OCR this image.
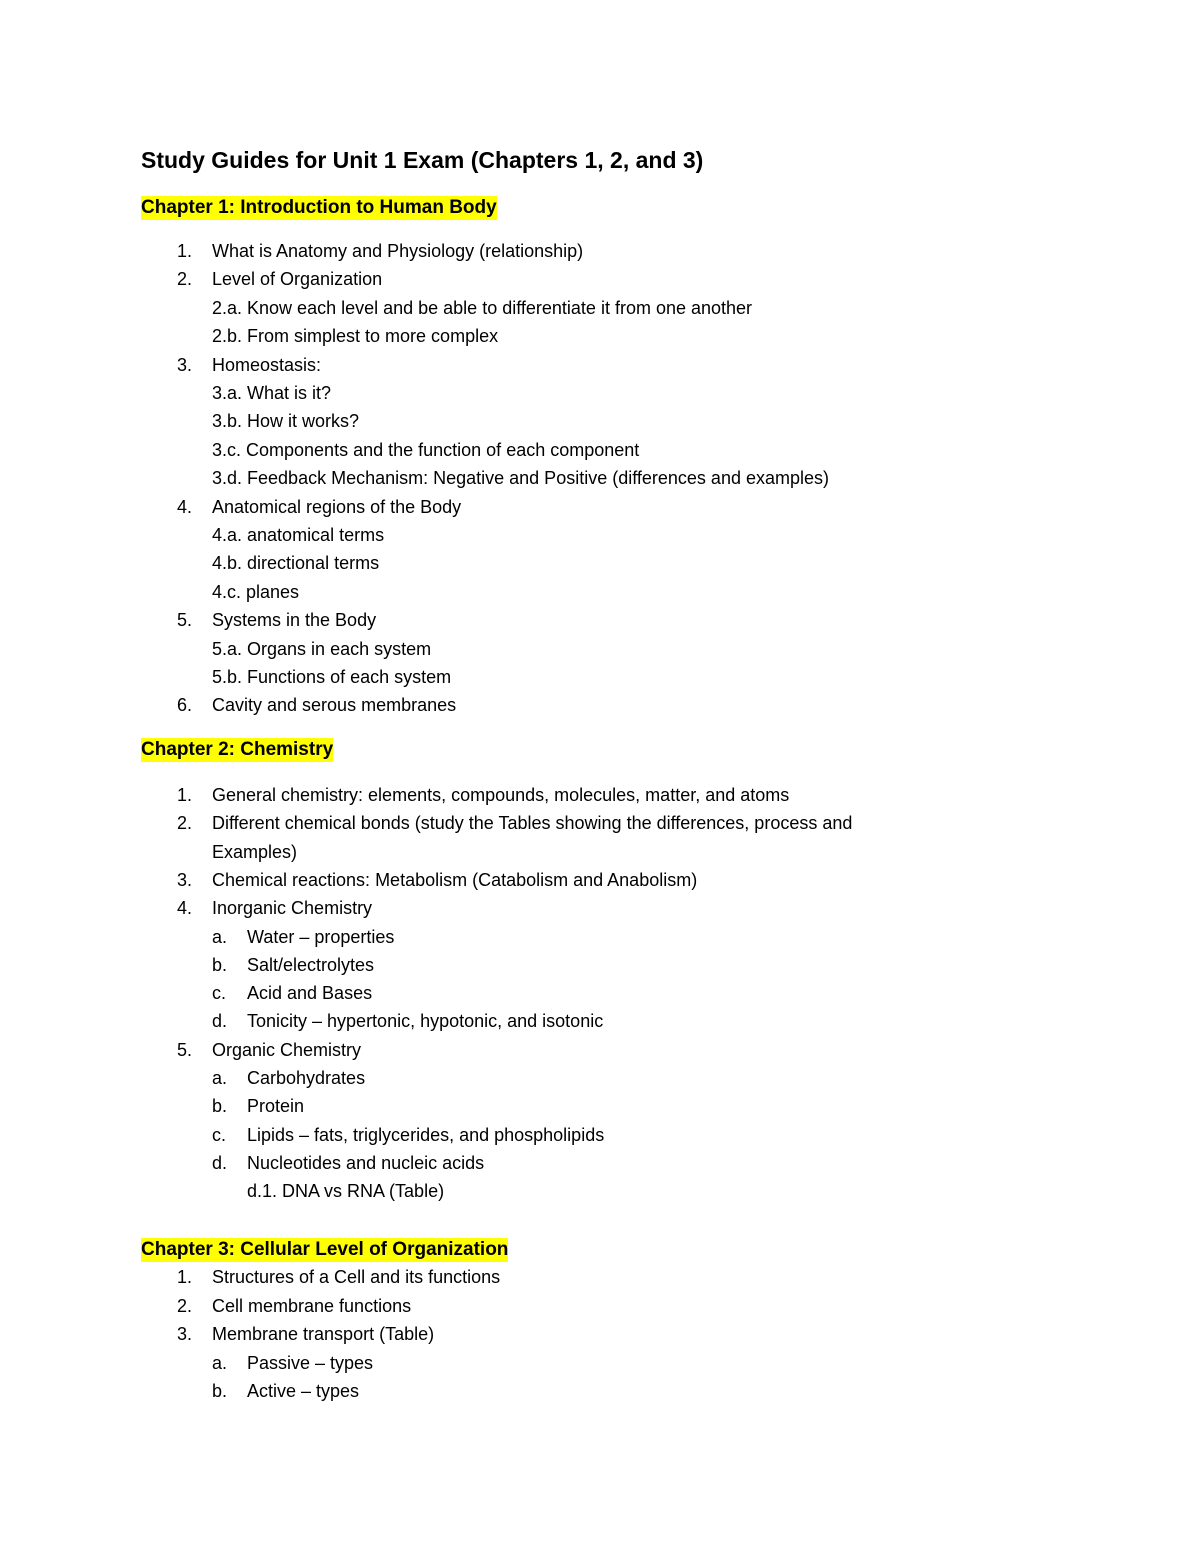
Study Guides for Unit 1 Exam (Chapters 1, 2, and 3)
Chapter 1: Introduction to Human Body
1. What is Anatomy and Physiology (relationship)
2. Level of Organization
2.a. Know each level and be able to differentiate it from one another
2.b. From simplest to more complex
3. Homeostasis:
3.a. What is it?
3.b. How it works?
3.c. Components and the function of each component
3.d. Feedback Mechanism: Negative and Positive (differences and examples)
4. Anatomical regions of the Body
4.a. anatomical terms
4.b. directional terms
4.c. planes
5. Systems in the Body
5.a. Organs in each system
5.b. Functions of each system
6. Cavity and serous membranes
Chapter 2: Chemistry
1. General chemistry: elements, compounds, molecules, matter, and atoms
2. Different chemical bonds (study the Tables showing the differences, process and
Examples)
3. Chemical reactions: Metabolism (Catabolism and Anabolism)
4. Inorganic Chemistry
a. Water – properties
b. Salt/electrolytes
c. Acid and Bases
d. Tonicity – hypertonic, hypotonic, and isotonic
5. Organic Chemistry
a. Carbohydrates
b. Protein
c. Lipids – fats, triglycerides, and phospholipids
d. Nucleotides and nucleic acids
d.1. DNA vs RNA (Table)
Chapter 3: Cellular Level of Organization
1. Structures of a Cell and its functions
2. Cell membrane functions
3. Membrane transport (Table)
a. Passive – types
b. Active – types
